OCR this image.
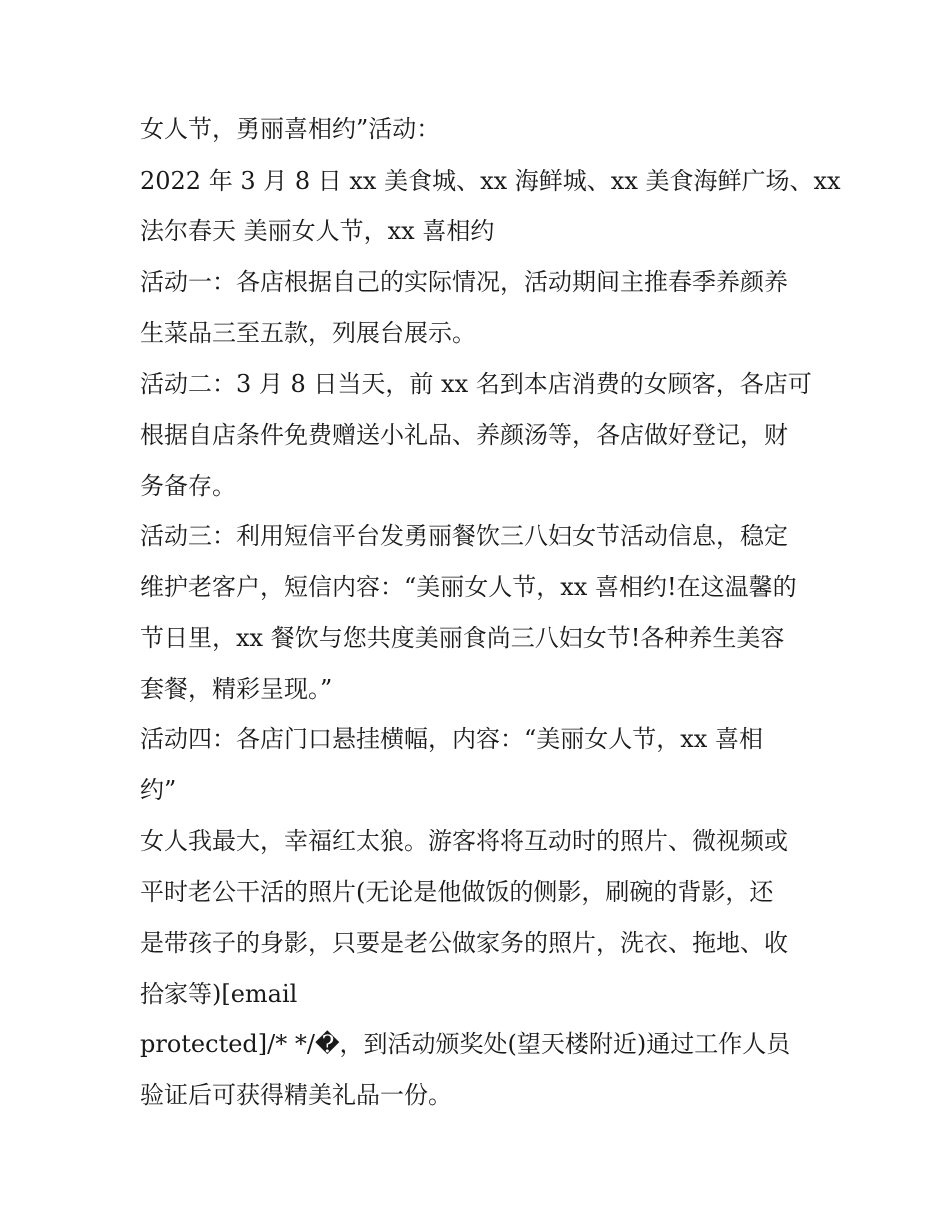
女人节，勇丽喜相约”活动：

2022 年 3 月 8 日 xx 美食城、xx 海鲜城、xx 美食海鲜广场、xx

法尔春天 美丽女人节，xx 喜相约

活动一：各店根据自己的实际情况，活动期间主推春季养颜养

生菜品三至五款，列展台展示。

活动二：3 月 8 日当天，前 xx 名到本店消费的女顾客，各店可

根据自店条件免费赠送小礼品、养颜汤等，各店做好登记，财

务备存。

活动三：利用短信平台发勇丽餐饮三八妇女节活动信息，稳定

维护老客户，短信内容：“美丽女人节，xx 喜相约!在这温馨的

节日里，xx 餐饮与您共度美丽食尚三八妇女节!各种养生美容

套餐，精彩呈现。”

活动四：各店门口悬挂横幅，内容：“美丽女人节，xx 喜相

约”

女人我最大，幸福红太狼。游客将将互动时的照片、微视频或

平时老公干活的照片(无论是他做饭的侧影，刷碗的背影，还

是带孩子的身影，只要是老公做家务的照片，洗衣、拖地、收

拾家等)[email

protected]/* */�，到活动颁奖处(望天楼附近)通过工作人员

验证后可获得精美礼品一份。
